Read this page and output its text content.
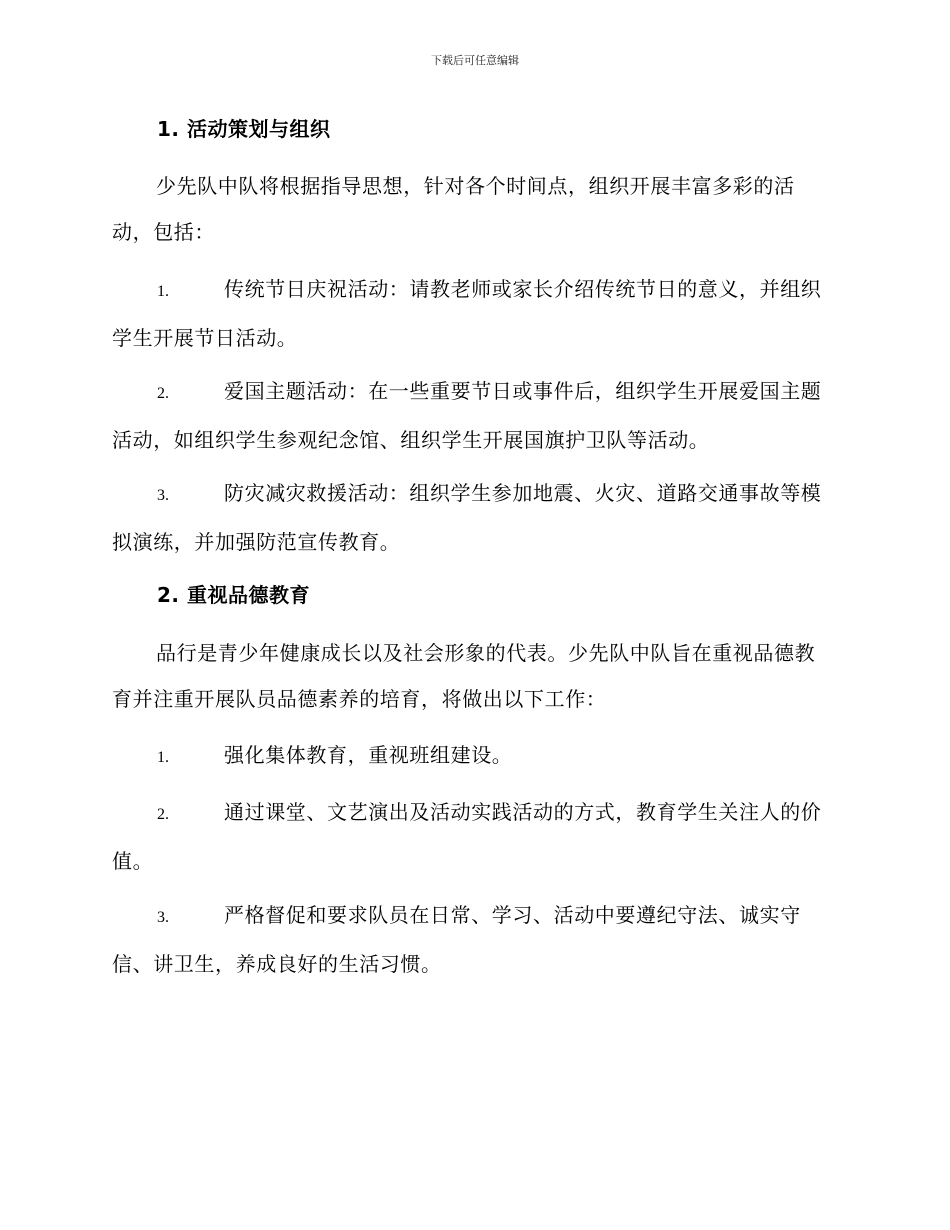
下载后可任意编辑
1. 活动策划与组织

少先队中队将根据指导思想，针对各个时间点，组织开展丰富多彩的活动，包括：

1.	传统节日庆祝活动：请教老师或家长介绍传统节日的意义，并组织学生开展节日活动。

2.	爱国主题活动：在一些重要节日或事件后，组织学生开展爱国主题活动，如组织学生参观纪念馆、组织学生开展国旗护卫队等活动。

3.	防灾减灾救援活动：组织学生参加地震、火灾、道路交通事故等模拟演练，并加强防范宣传教育。

2. 重视品德教育

品行是青少年健康成长以及社会形象的代表。少先队中队旨在重视品德教育并注重开展队员品德素养的培育，将做出以下工作：

1.	强化集体教育，重视班组建设。

2.	通过课堂、文艺演出及活动实践活动的方式，教育学生关注人的价值。

3.	严格督促和要求队员在日常、学习、活动中要遵纪守法、诚实守信、讲卫生，养成良好的生活习惯。
